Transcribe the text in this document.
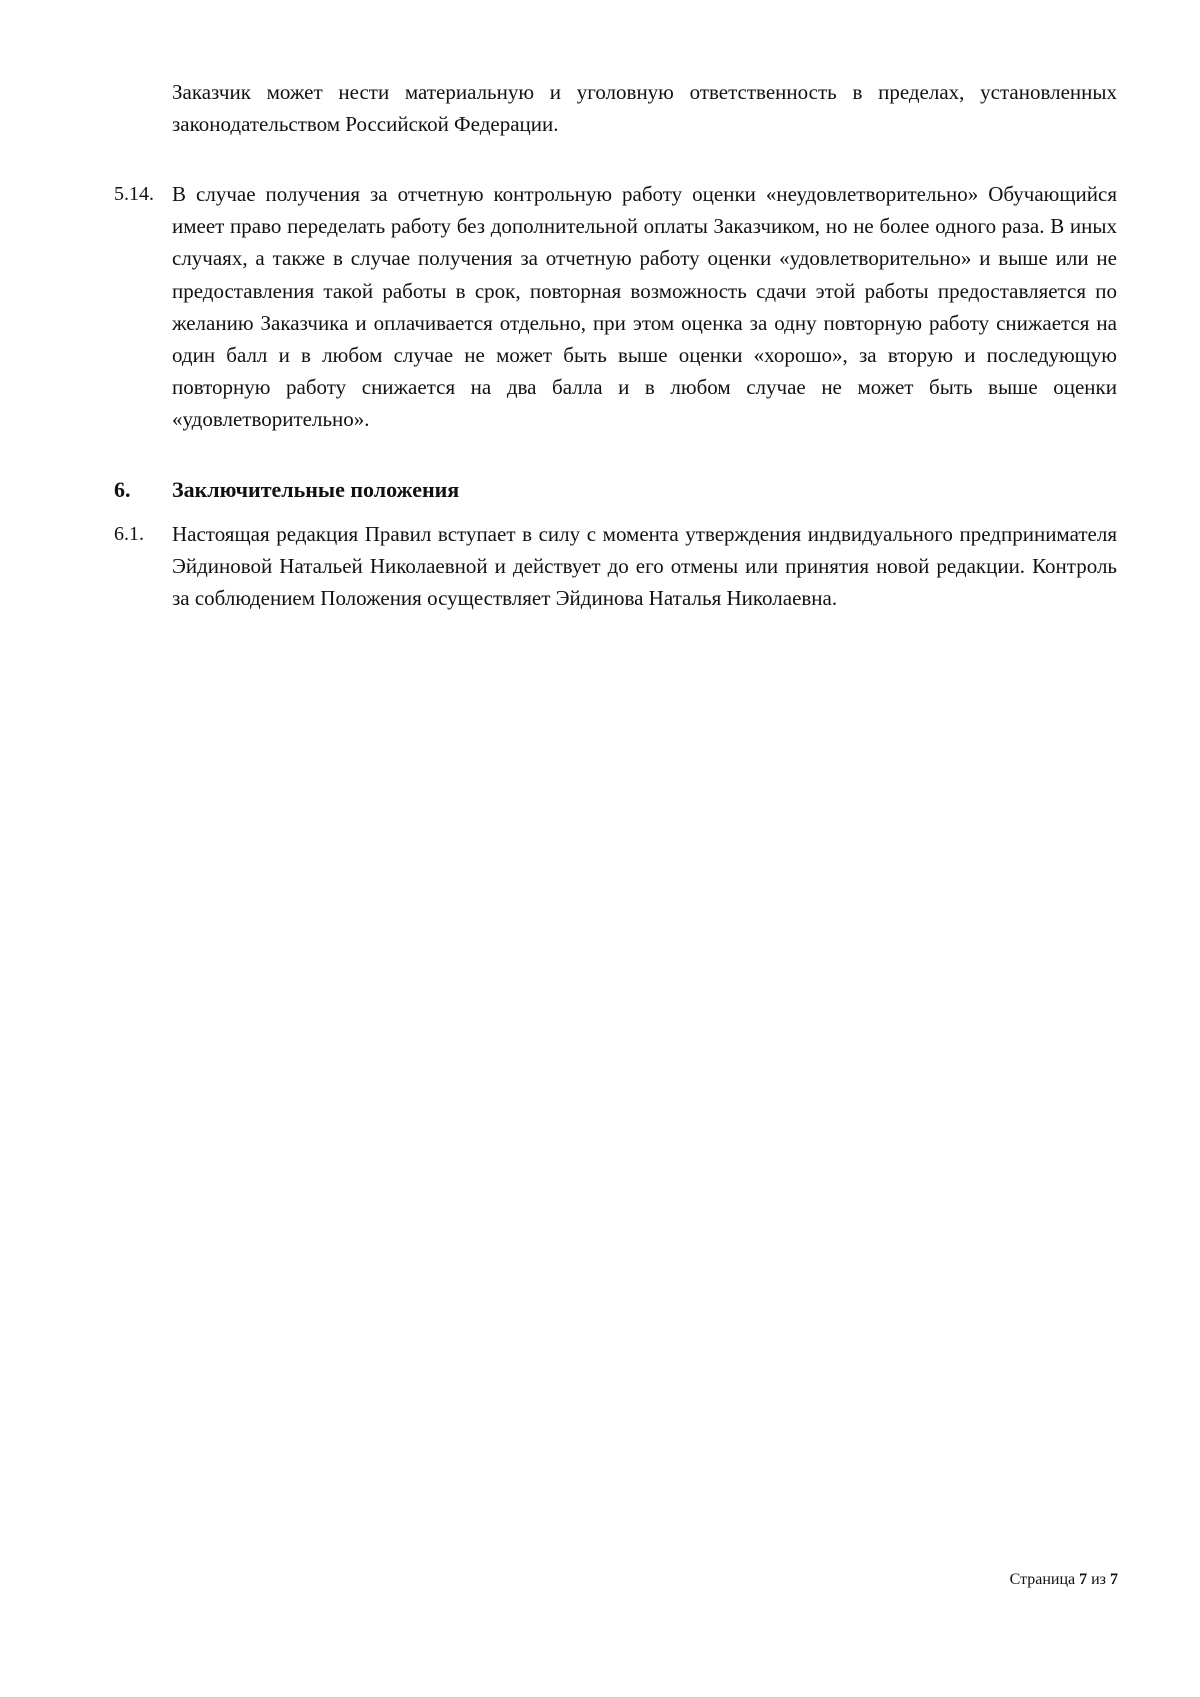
Заказчик может нести материальную и уголовную ответственность в пределах, установленных законодательством Российской Федерации.
5.14. В случае получения за отчетную контрольную работу оценки «неудовлетворительно» Обучающийся имеет право переделать работу без дополнительной оплаты Заказчиком, но не более одного раза. В иных случаях, а также в случае получения за отчетную работу оценки «удовлетворительно» и выше или не предоставления такой работы в срок, повторная возможность сдачи этой работы предоставляется по желанию Заказчика и оплачивается отдельно, при этом оценка за одну повторную работу снижается на один балл и в любом случае не может быть выше оценки «хорошо», за вторую и последующую повторную работу снижается на два балла и в любом случае не может быть выше оценки «удовлетворительно».
6. Заключительные положения
6.1. Настоящая редакция Правил вступает в силу с момента утверждения индвидуального предпринимателя Эйдиновой Натальей Николаевной и действует до его отмены или принятия новой редакции. Контроль за соблюдением Положения осуществляет Эйдинова Наталья Николаевна.
Страница 7 из 7
